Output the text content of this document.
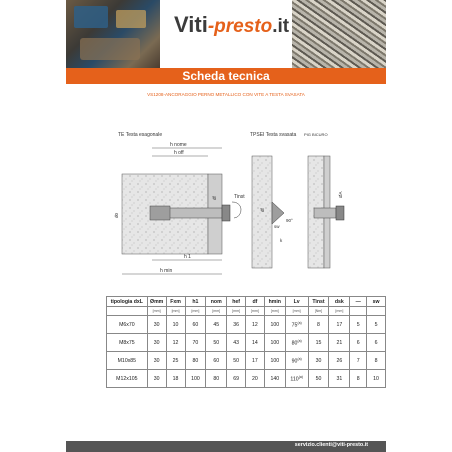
Viti-presto.it
Scheda tecnica
VS1208-ANCORAGGIO PERNO METALLICO CON VITE A TESTA SVASATA
TE Testa esagonale
h nome
h off
df
d0
Tinst
h 1
h min
TPSEI Testa svasata
sw
90°
k
df
PIG BICURO
ØA
tipologia dxL	Ømm	Fxm	h1	nom	hef	df	hmin	Lv	Tinst	dsk	—	sw
	[mm]	[mm]	[mm]	[mm]	[mm]	[mm]	[mm]	[mm]	[Nm]	[mm]		
M6x70	30	10	60	45	36	12	100	75$^{(a)}$	8	17	5	5
M8x75	30	12	70	50	43	14	100	80$^{(a)}$	15	21	6	6
M10x85	30	25	80	60	50	17	100	90$^{(a)}$	30	26	7	8
M12x105	30	18	100	80	69	20	140	110$^{(a)}$	50	31	8	10
servizio.clienti@viti-presto.it
